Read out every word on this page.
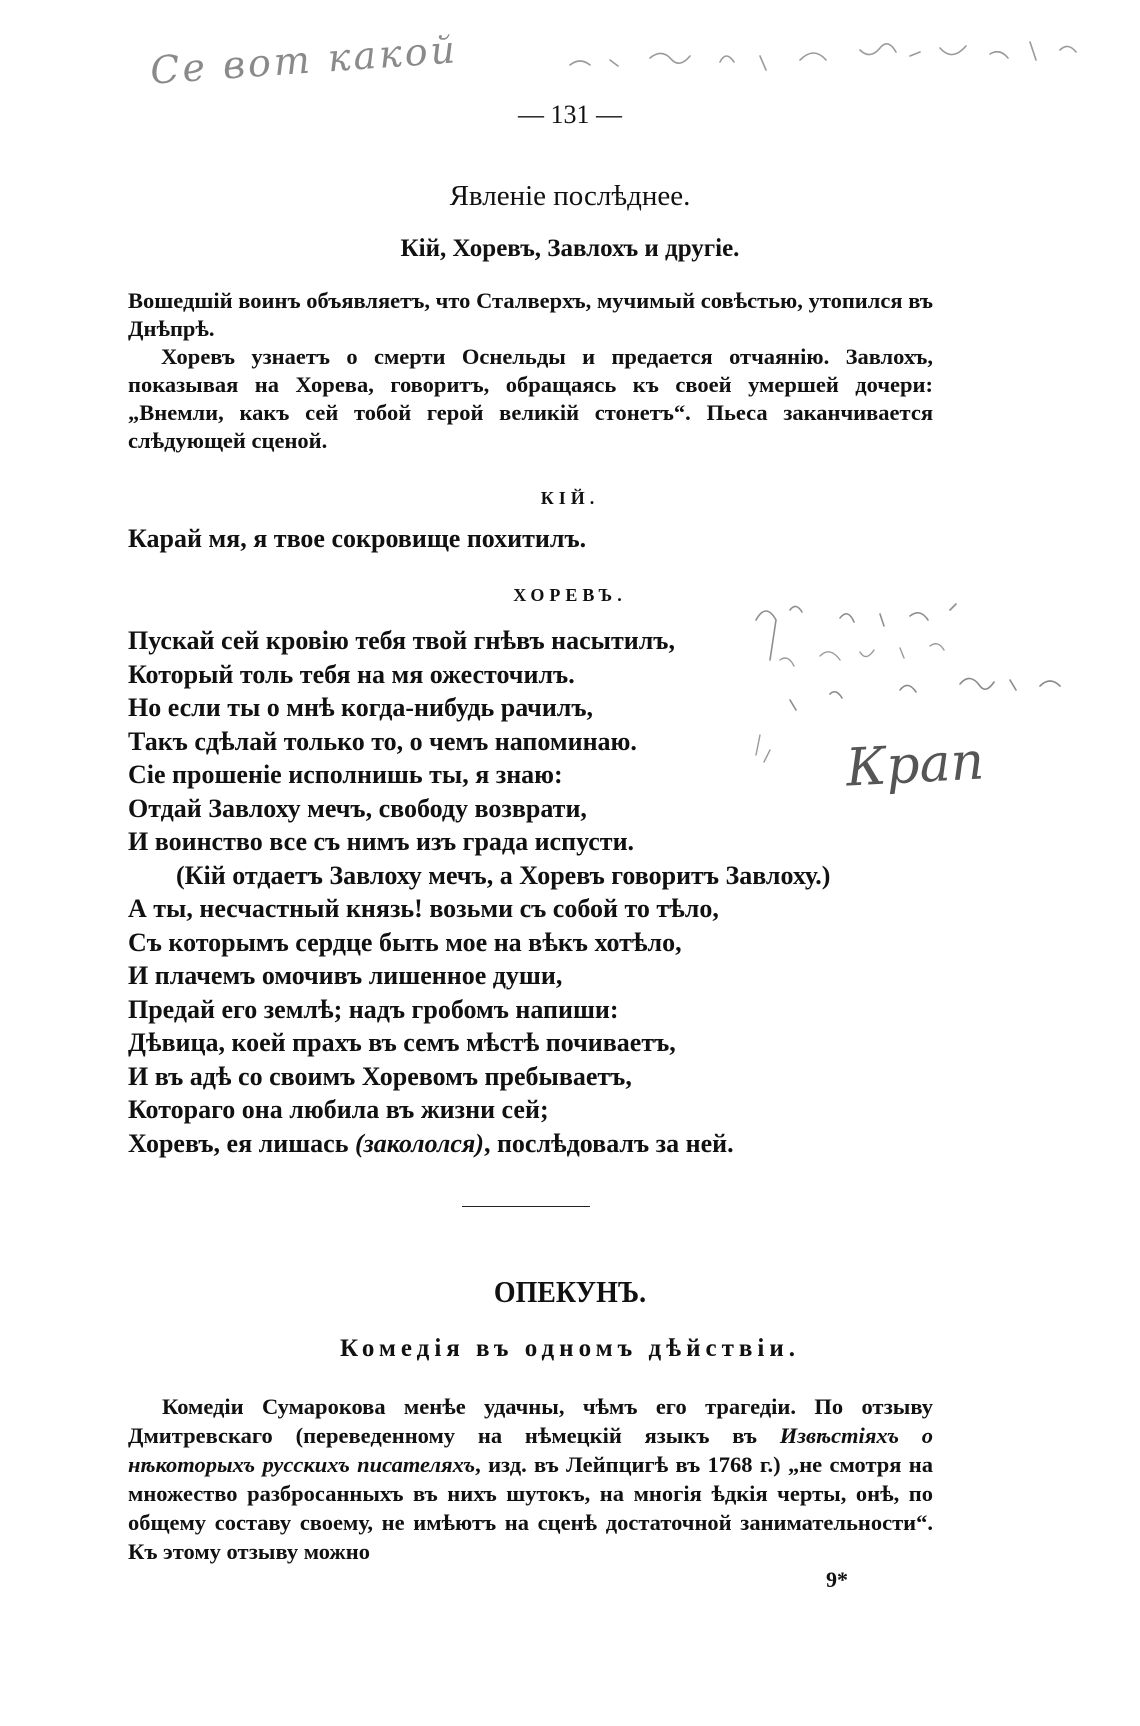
Ce вот какой
— 131 —
Явленіе послѣднее.
Кій, Хоревъ, Завлохъ и другіе.

Вошедшій воинъ объявляетъ, что Сталверхъ, мучимый совѣстью, утопился въ Днѣпрѣ.

Хоревъ узнаетъ о смерти Оснельды и предается отчаянію. Завлохъ, показывая на Хорева, говоритъ, обращаясь къ своей умершей дочери: „Внемли, какъ сей тобой герой великій стонетъ“. Пьеса заканчивается слѣдующей сценой.

КІЙ.
Карай мя, я твое сокровище похитилъ.
ХОРЕВЪ.
Пускай сей кровію тебя твой гнѣвъ насытилъ,
Который толь тебя на мя ожесточилъ.
Но если ты о мнѣ когда-нибудь рачилъ,
Такъ сдѣлай только то, о чемъ напоминаю.
Сіе прошеніе исполнишь ты, я знаю:
Отдай Завлоху мечъ, свободу возврати,
И воинство все съ нимъ изъ града испусти.
(Кій отдаетъ Завлоху мечъ, а Хоревъ говоритъ Завлоху.)
А ты, несчастный князь! возьми съ собой то тѣло,
Съ которымъ сердце быть мое на вѣкъ хотѣло,
И плачемъ омочивъ лишенное души,
Предай его землѣ; надъ гробомъ напиши:
Дѣвица, коей прахъ въ семъ мѣстѣ почиваетъ,
И въ адѣ со своимъ Хоревомъ пребываетъ,
Котораго она любила въ жизни сей;
Хоревъ, ея лишась (закололся), послѣдовалъ за ней.
Крап
ОПЕКУНЪ.
Комедія въ одномъ дѣйствіи.

Комедіи Сумарокова менѣе удачны, чѣмъ его трагедіи. По отзыву Дмитревскаго (переведенному на нѣмецкій языкъ въ Извѣстіяхъ о нѣкоторыхъ русскихъ писателяхъ, изд. въ Лейпцигѣ въ 1768 г.) „не смотря на множество разбросанныхъ въ нихъ шутокъ, на многія ѣдкія черты, онѣ, по общему составу своему, не имѣютъ на сценѣ достаточной занимательности“. Къ этому отзыву можно

9*
